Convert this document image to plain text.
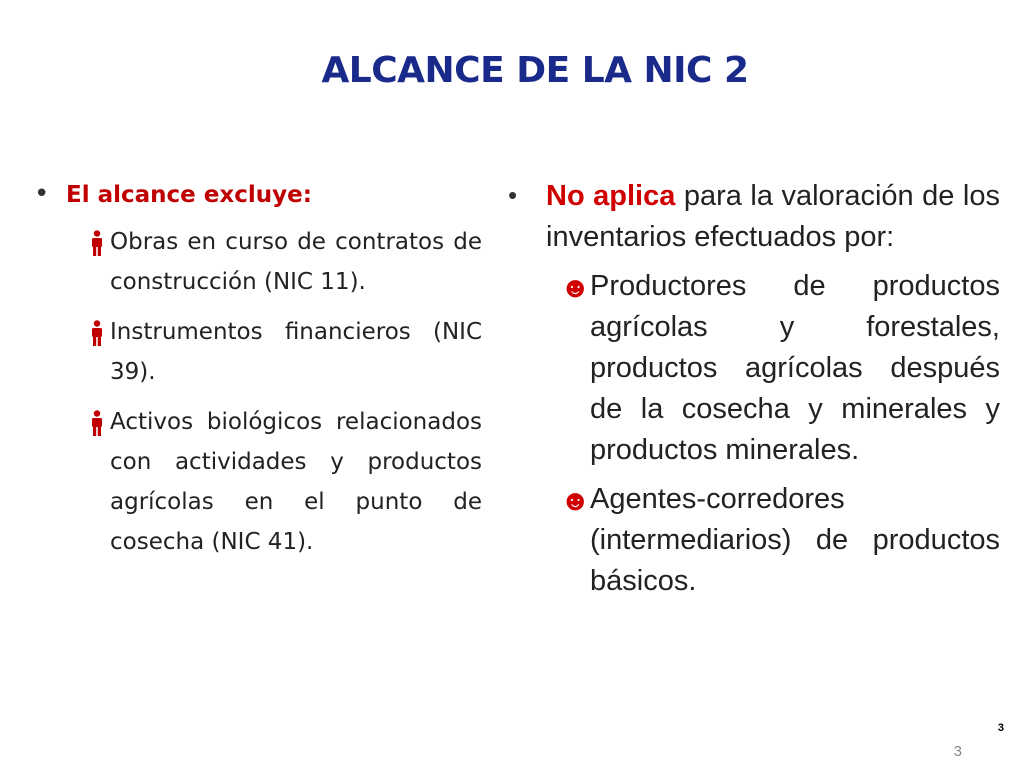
ALCANCE DE LA NIC 2
• El alcance excluye:
Obras en curso de contratos de construcción (NIC 11).
Instrumentos financieros (NIC 39).
Activos biológicos relacionados con actividades y productos agrícolas en el punto de cosecha (NIC 41).
• No aplica para la valoración de los inventarios efectuados por:
☻ Productores de productos agrícolas y forestales, productos agrícolas después de la cosecha y minerales y productos minerales.
☻ Agentes-corredores (intermediarios) de productos básicos.
3
3
